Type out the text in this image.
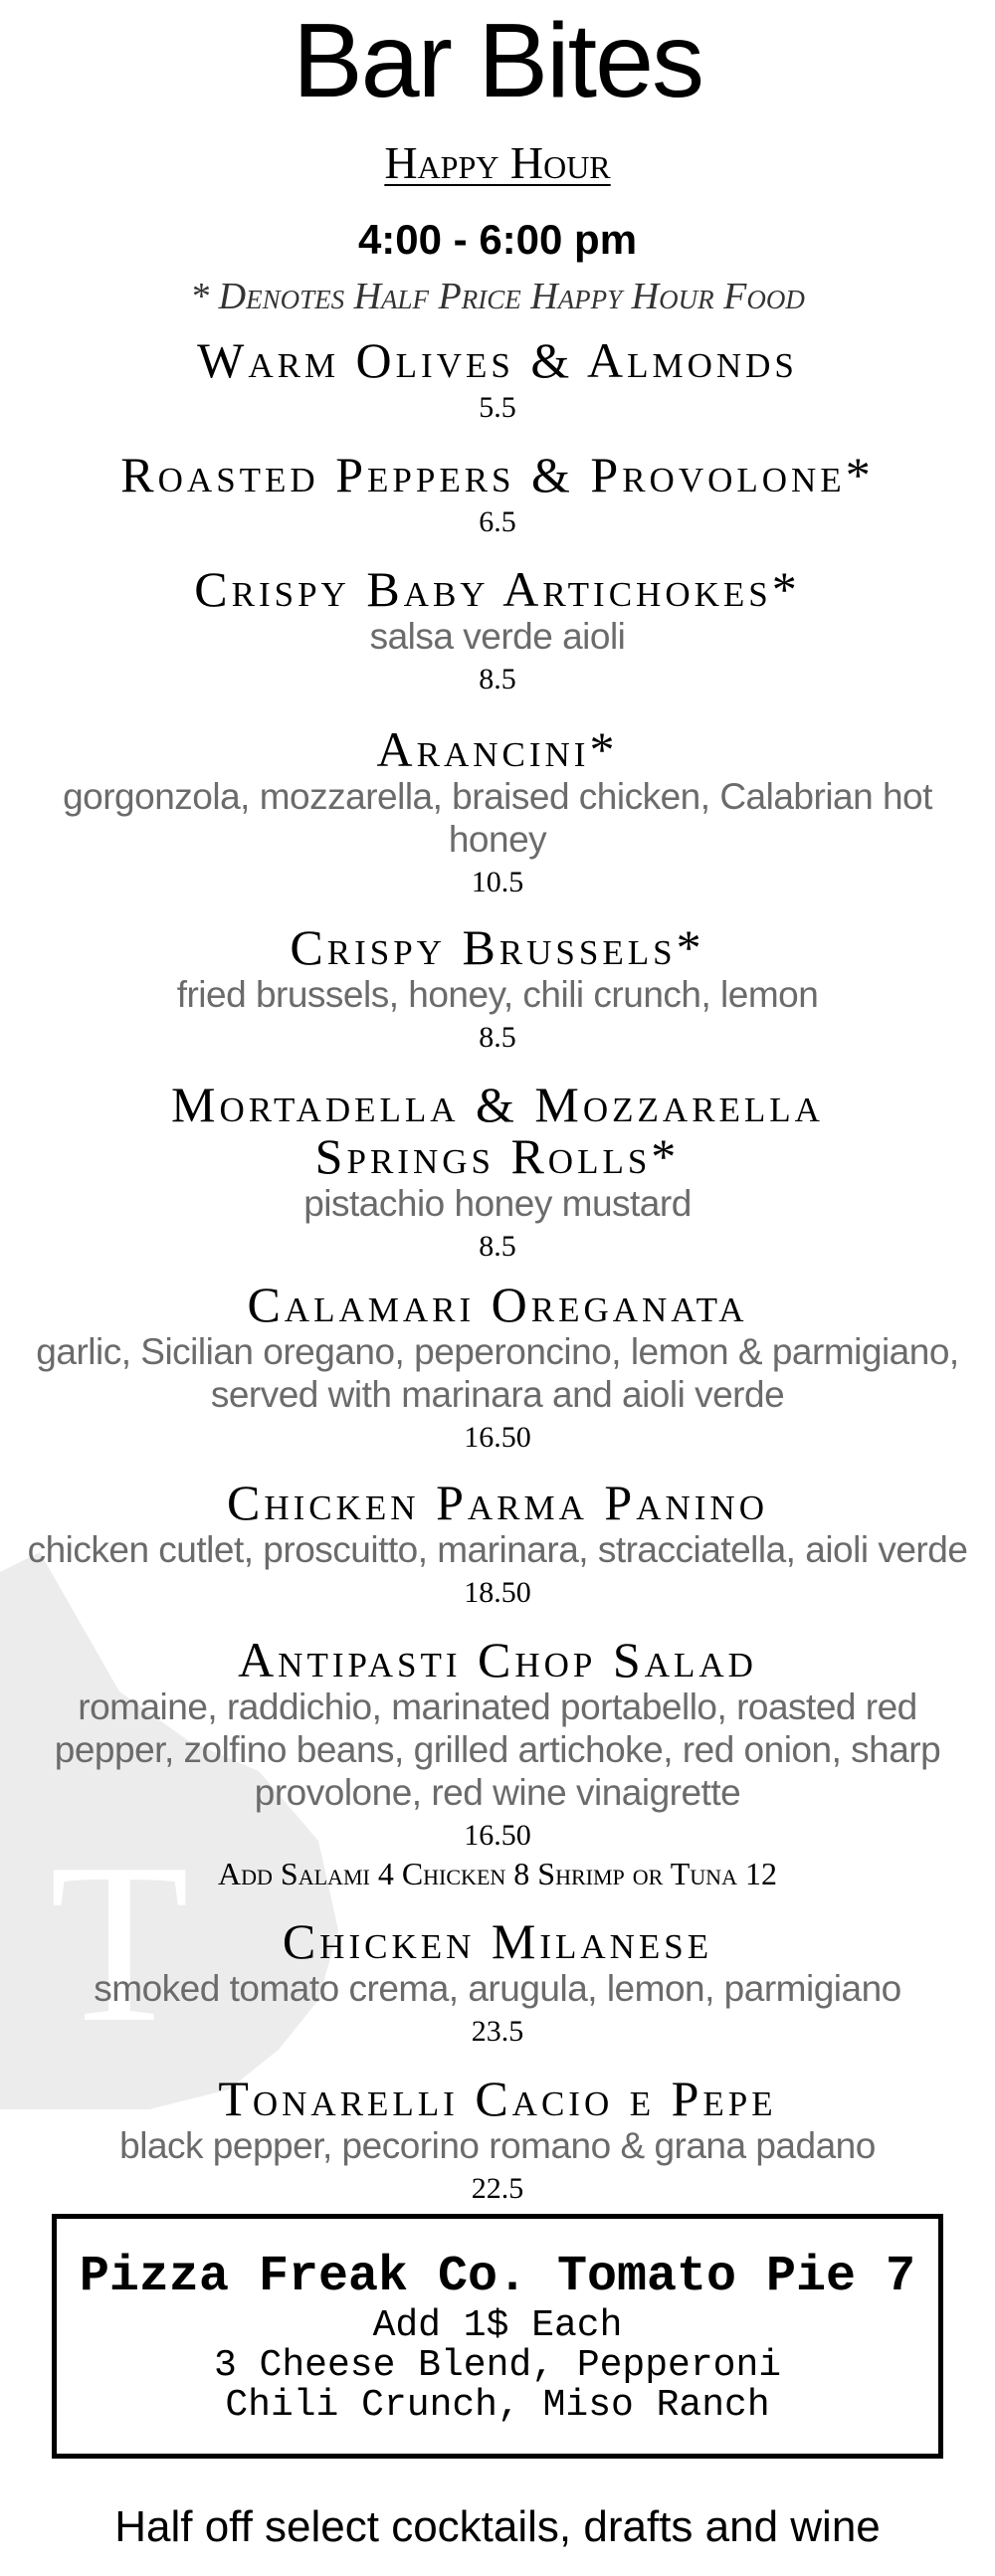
T
Bar Bites
Happy Hour
4:00 - 6:00 pm
* Denotes Half Price Happy Hour Food
Warm Olives & Almonds
5.5
Roasted Peppers & Provolone*
6.5
Crispy Baby Artichokes*
salsa verde aioli
8.5
Arancini*
gorgonzola, mozzarella, braised chicken, Calabrian hot honey
10.5
Crispy Brussels*
fried brussels, honey, chili crunch, lemon
8.5
Mortadella & Mozzarella Springs Rolls*
pistachio honey mustard
8.5
Calamari Oreganata
garlic, Sicilian oregano, peperoncino, lemon & parmigiano, served with marinara and aioli verde
16.50
Chicken Parma Panino
chicken cutlet, proscuitto, marinara, stracciatella, aioli verde
18.50
Antipasti Chop Salad
romaine, raddichio, marinated portabello, roasted red pepper, zolfino beans, grilled artichoke, red onion, sharp provolone, red wine vinaigrette
16.50
Add Salami 4 Chicken 8 Shrimp or Tuna 12
Chicken Milanese
smoked tomato crema, arugula, lemon, parmigiano
23.5
Tonarelli Cacio e Pepe
black pepper, pecorino romano & grana padano
22.5
Pizza Freak Co. Tomato Pie 7
Add 1$ Each
3 Cheese Blend, Pepperoni
Chili Crunch, Miso Ranch
Half off select cocktails, drafts and wine
